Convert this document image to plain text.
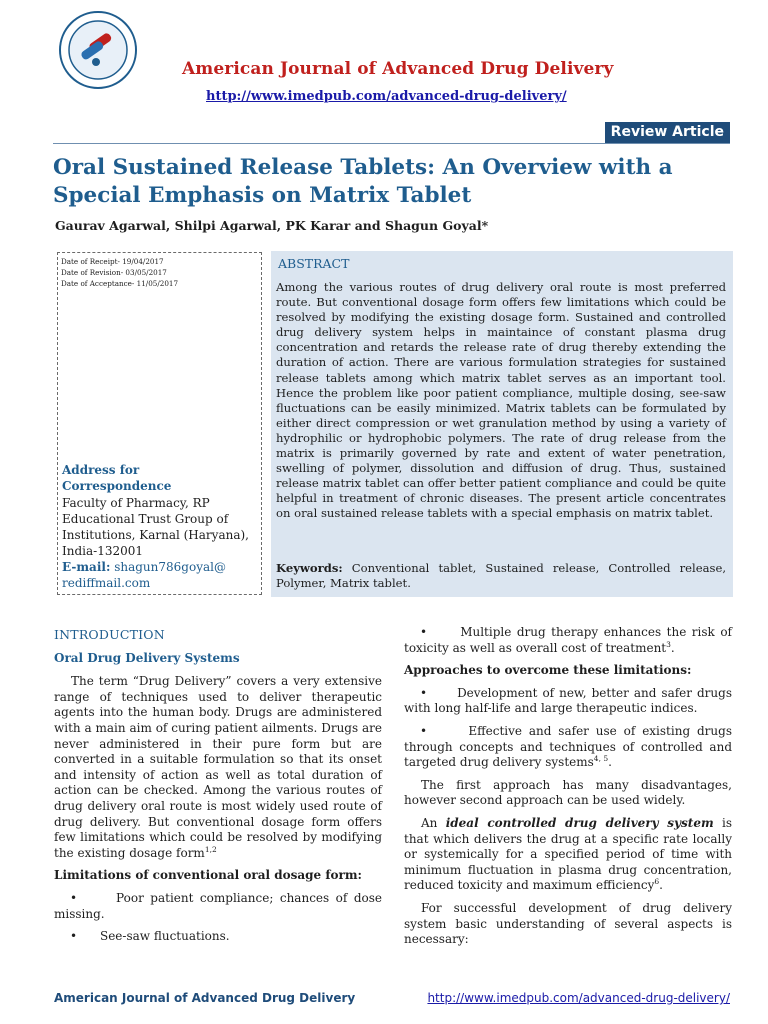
American Journal of Advanced Drug Delivery
http://www.imedpub.com/advanced-drug-delivery/
Review Article
Oral Sustained Release Tablets: An Overview with a Special Emphasis on Matrix Tablet
Gaurav Agarwal, Shilpi Agarwal, PK Karar and Shagun Goyal*
Date of Receipt- 19/04/2017
Date of Revision- 03/05/2017
Date of Acceptance- 11/05/2017
Address for
Correspondence
Faculty of Pharmacy, RP Educational Trust Group of Institutions, Karnal (Haryana), India-132001
E-mail: shagun786goyal@
rediffmail.com
ABSTRACT
Among the various routes of drug delivery oral route is most preferred route. But conventional dosage form offers few limitations which could be resolved by modifying the existing dosage form. Sustained and controlled drug delivery system helps in maintaince of constant plasma drug concentration and retards the release rate of drug thereby extending the duration of action. There are various formulation strategies for sustained release tablets among which matrix tablet serves as an important tool. Hence the problem like poor patient compliance, multiple dosing, see-saw fluctuations can be easily minimized. Matrix tablets can be formulated by either direct compression or wet granulation method by using a variety of hydrophilic or hydrophobic polymers. The rate of drug release from the matrix is primarily governed by rate and extent of water penetration, swelling of polymer, dissolution and diffusion of drug. Thus, sustained release matrix tablet can offer better patient compliance and could be quite helpful in treatment of chronic diseases. The present article concentrates on oral sustained release tablets with a special emphasis on matrix tablet.
Keywords: Conventional tablet, Sustained release, Controlled release, Polymer, Matrix tablet.
INTRODUCTION
Oral Drug Delivery Systems

The term “Drug Delivery” covers a very extensive range of techniques used to deliver therapeutic agents into the human body. Drugs are administered with a main aim of curing patient ailments. Drugs are never administered in their pure form but are converted in a suitable formulation so that its onset and intensity of action as well as total duration of action can be checked. Among the various routes of drug delivery oral route is most widely used route of drug delivery. But conventional dosage form offers few limitations which could be resolved by modifying the existing dosage form$^{1,2}$

Limitations of conventional oral dosage form:

•      Poor patient compliance; chances of dose missing.

•      See-saw fluctuations.

•      Multiple drug therapy enhances the risk of toxicity as well as overall cost of treatment$^3$.

Approaches to overcome these limitations:

•      Development of new, better and safer drugs with long half-life and large therapeutic indices.

•      Effective and safer use of existing drugs through concepts and techniques of controlled and targeted drug delivery systems$^{4, 5}$.

The first approach has many disadvantages, however second approach can be used widely.

An ideal controlled drug delivery system is that which delivers the drug at a specific rate locally or systemically for a specified period of time with minimum fluctuation in plasma drug concentration, reduced toxicity and maximum efficiency$^6$.

For successful development of drug delivery system basic understanding of several aspects is necessary:

American Journal of Advanced Drug Delivery	http://www.imedpub.com/advanced-drug-delivery/
